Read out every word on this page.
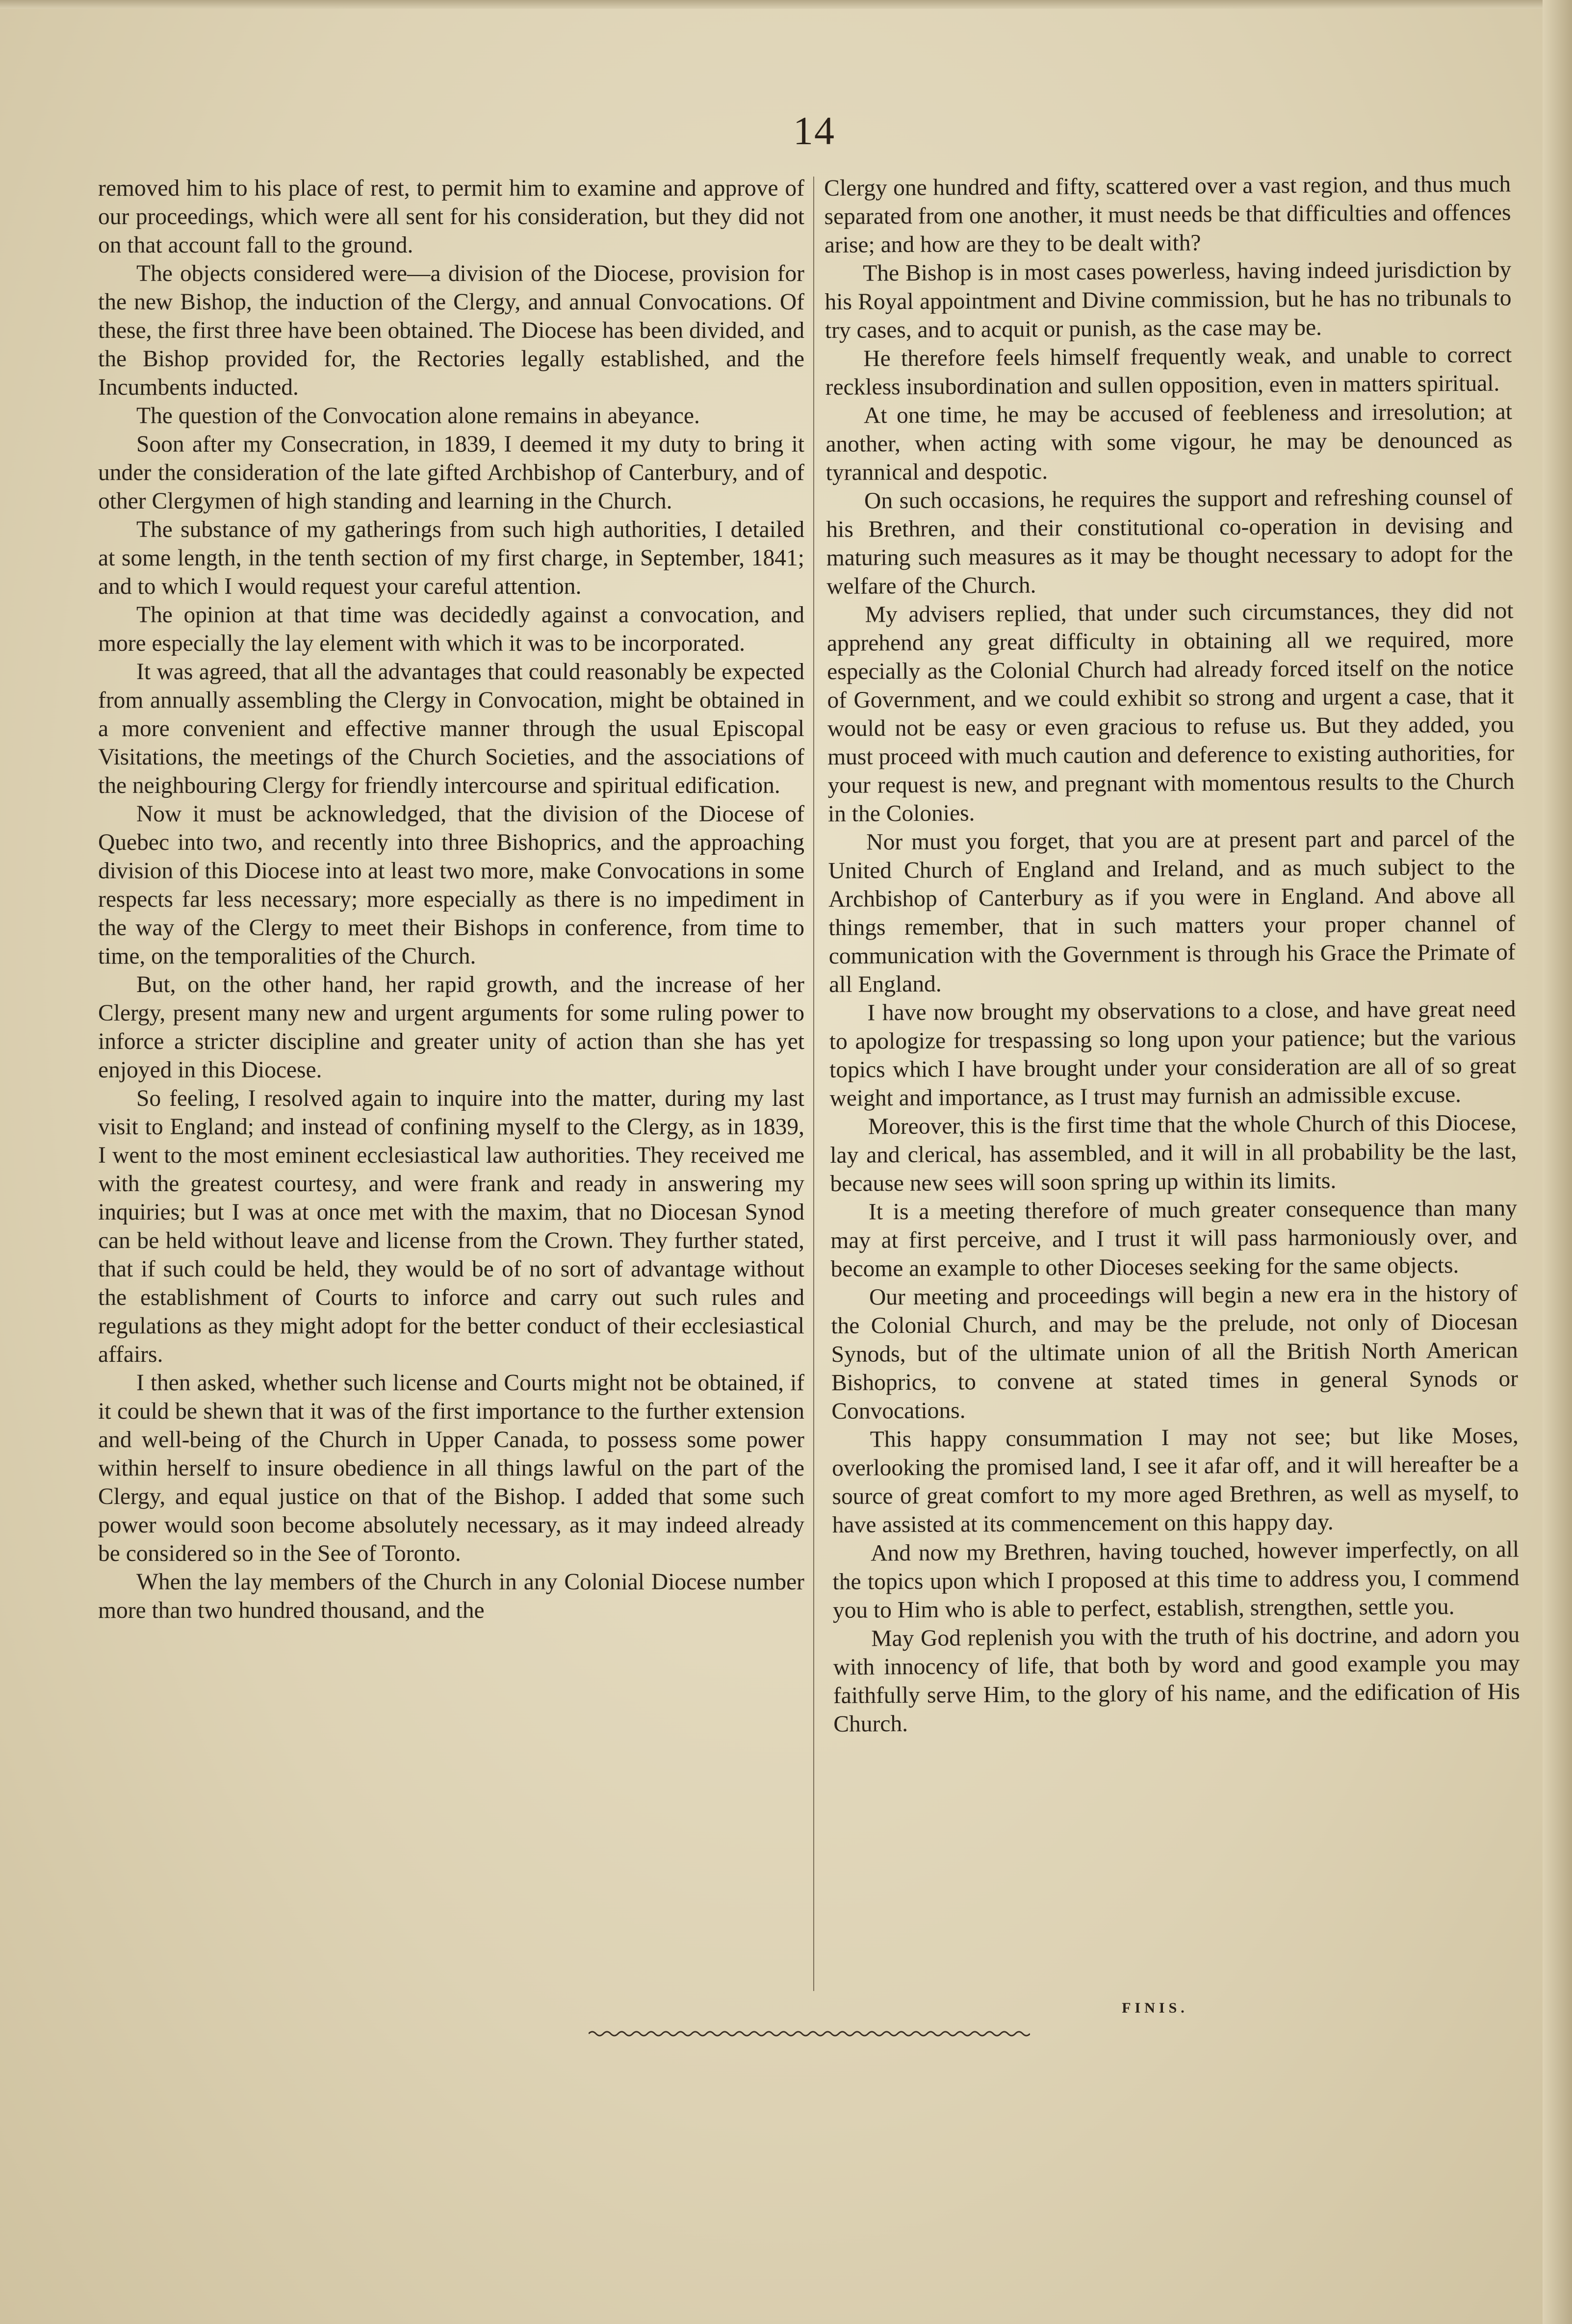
14

removed him to his place of rest, to permit him to examine and approve of our proceedings, which were all sent for his consideration, but they did not on that account fall to the ground.

The objects considered were—a division of the Diocese, provision for the new Bishop, the induction of the Clergy, and annual Convocations. Of these, the first three have been obtained. The Diocese has been divided, and the Bishop provided for, the Rectories legally established, and the Incumbents inducted.

The question of the Convocation alone remains in abeyance.

Soon after my Consecration, in 1839, I deemed it my duty to bring it under the consideration of the late gifted Archbishop of Canterbury, and of other Clergymen of high standing and learning in the Church.

The substance of my gatherings from such high authorities, I detailed at some length, in the tenth section of my first charge, in September, 1841; and to which I would request your careful attention.

The opinion at that time was decidedly against a convocation, and more especially the lay element with which it was to be incorporated.

It was agreed, that all the advantages that could reasonably be expected from annually assembling the Clergy in Convocation, might be obtained in a more convenient and effective manner through the usual Episcopal Visitations, the meetings of the Church Societies, and the associations of the neighbouring Clergy for friendly intercourse and spiritual edification.

Now it must be acknowledged, that the division of the Diocese of Quebec into two, and recently into three Bishoprics, and the approaching division of this Diocese into at least two more, make Convocations in some respects far less necessary; more especially as there is no impediment in the way of the Clergy to meet their Bishops in conference, from time to time, on the temporalities of the Church.

But, on the other hand, her rapid growth, and the increase of her Clergy, present many new and urgent arguments for some ruling power to inforce a stricter discipline and greater unity of action than she has yet enjoyed in this Diocese.

So feeling, I resolved again to inquire into the matter, during my last visit to England; and instead of confining myself to the Clergy, as in 1839, I went to the most eminent ecclesiastical law authorities. They received me with the greatest courtesy, and were frank and ready in answering my inquiries; but I was at once met with the maxim, that no Diocesan Synod can be held without leave and license from the Crown. They further stated, that if such could be held, they would be of no sort of advantage without the establishment of Courts to inforce and carry out such rules and regulations as they might adopt for the better conduct of their ecclesiastical affairs.

I then asked, whether such license and Courts might not be obtained, if it could be shewn that it was of the first importance to the further extension and well-being of the Church in Upper Canada, to possess some power within herself to insure obedience in all things lawful on the part of the Clergy, and equal justice on that of the Bishop. I added that some such power would soon become absolutely necessary, as it may indeed already be considered so in the See of Toronto.

When the lay members of the Church in any Colonial Diocese number more than two hundred thousand, and the

Clergy one hundred and fifty, scattered over a vast region, and thus much separated from one another, it must needs be that difficulties and offences arise; and how are they to be dealt with?

The Bishop is in most cases powerless, having indeed jurisdiction by his Royal appointment and Divine commission, but he has no tribunals to try cases, and to acquit or punish, as the case may be.

He therefore feels himself frequently weak, and unable to correct reckless insubordination and sullen opposition, even in matters spiritual.

At one time, he may be accused of feebleness and irresolution; at another, when acting with some vigour, he may be denounced as tyrannical and despotic.

On such occasions, he requires the support and refreshing counsel of his Brethren, and their constitutional co-operation in devising and maturing such measures as it may be thought necessary to adopt for the welfare of the Church.

My advisers replied, that under such circumstances, they did not apprehend any great difficulty in obtaining all we required, more especially as the Colonial Church had already forced itself on the notice of Government, and we could exhibit so strong and urgent a case, that it would not be easy or even gracious to refuse us. But they added, you must proceed with much caution and deference to existing authorities, for your request is new, and pregnant with momentous results to the Church in the Colonies.

Nor must you forget, that you are at present part and parcel of the United Church of England and Ireland, and as much subject to the Archbishop of Canterbury as if you were in England. And above all things remember, that in such matters your proper channel of communication with the Government is through his Grace the Primate of all England.

I have now brought my observations to a close, and have great need to apologize for trespassing so long upon your patience; but the various topics which I have brought under your consideration are all of so great weight and importance, as I trust may furnish an admissible excuse.

Moreover, this is the first time that the whole Church of this Diocese, lay and clerical, has assembled, and it will in all probability be the last, because new sees will soon spring up within its limits.

It is a meeting therefore of much greater consequence than many may at first perceive, and I trust it will pass harmoniously over, and become an example to other Dioceses seeking for the same objects.

Our meeting and proceedings will begin a new era in the history of the Colonial Church, and may be the prelude, not only of Diocesan Synods, but of the ultimate union of all the British North American Bishoprics, to convene at stated times in general Synods or Convocations.

This happy consummation I may not see; but like Moses, overlooking the promised land, I see it afar off, and it will hereafter be a source of great comfort to my more aged Brethren, as well as myself, to have assisted at its commencement on this happy day.

And now my Brethren, having touched, however imperfectly, on all the topics upon which I proposed at this time to address you, I commend you to Him who is able to perfect, establish, strengthen, settle you.

May God replenish you with the truth of his doctrine, and adorn you with innocency of life, that both by word and good example you may faithfully serve Him, to the glory of his name, and the edification of His Church.

FINIS.
